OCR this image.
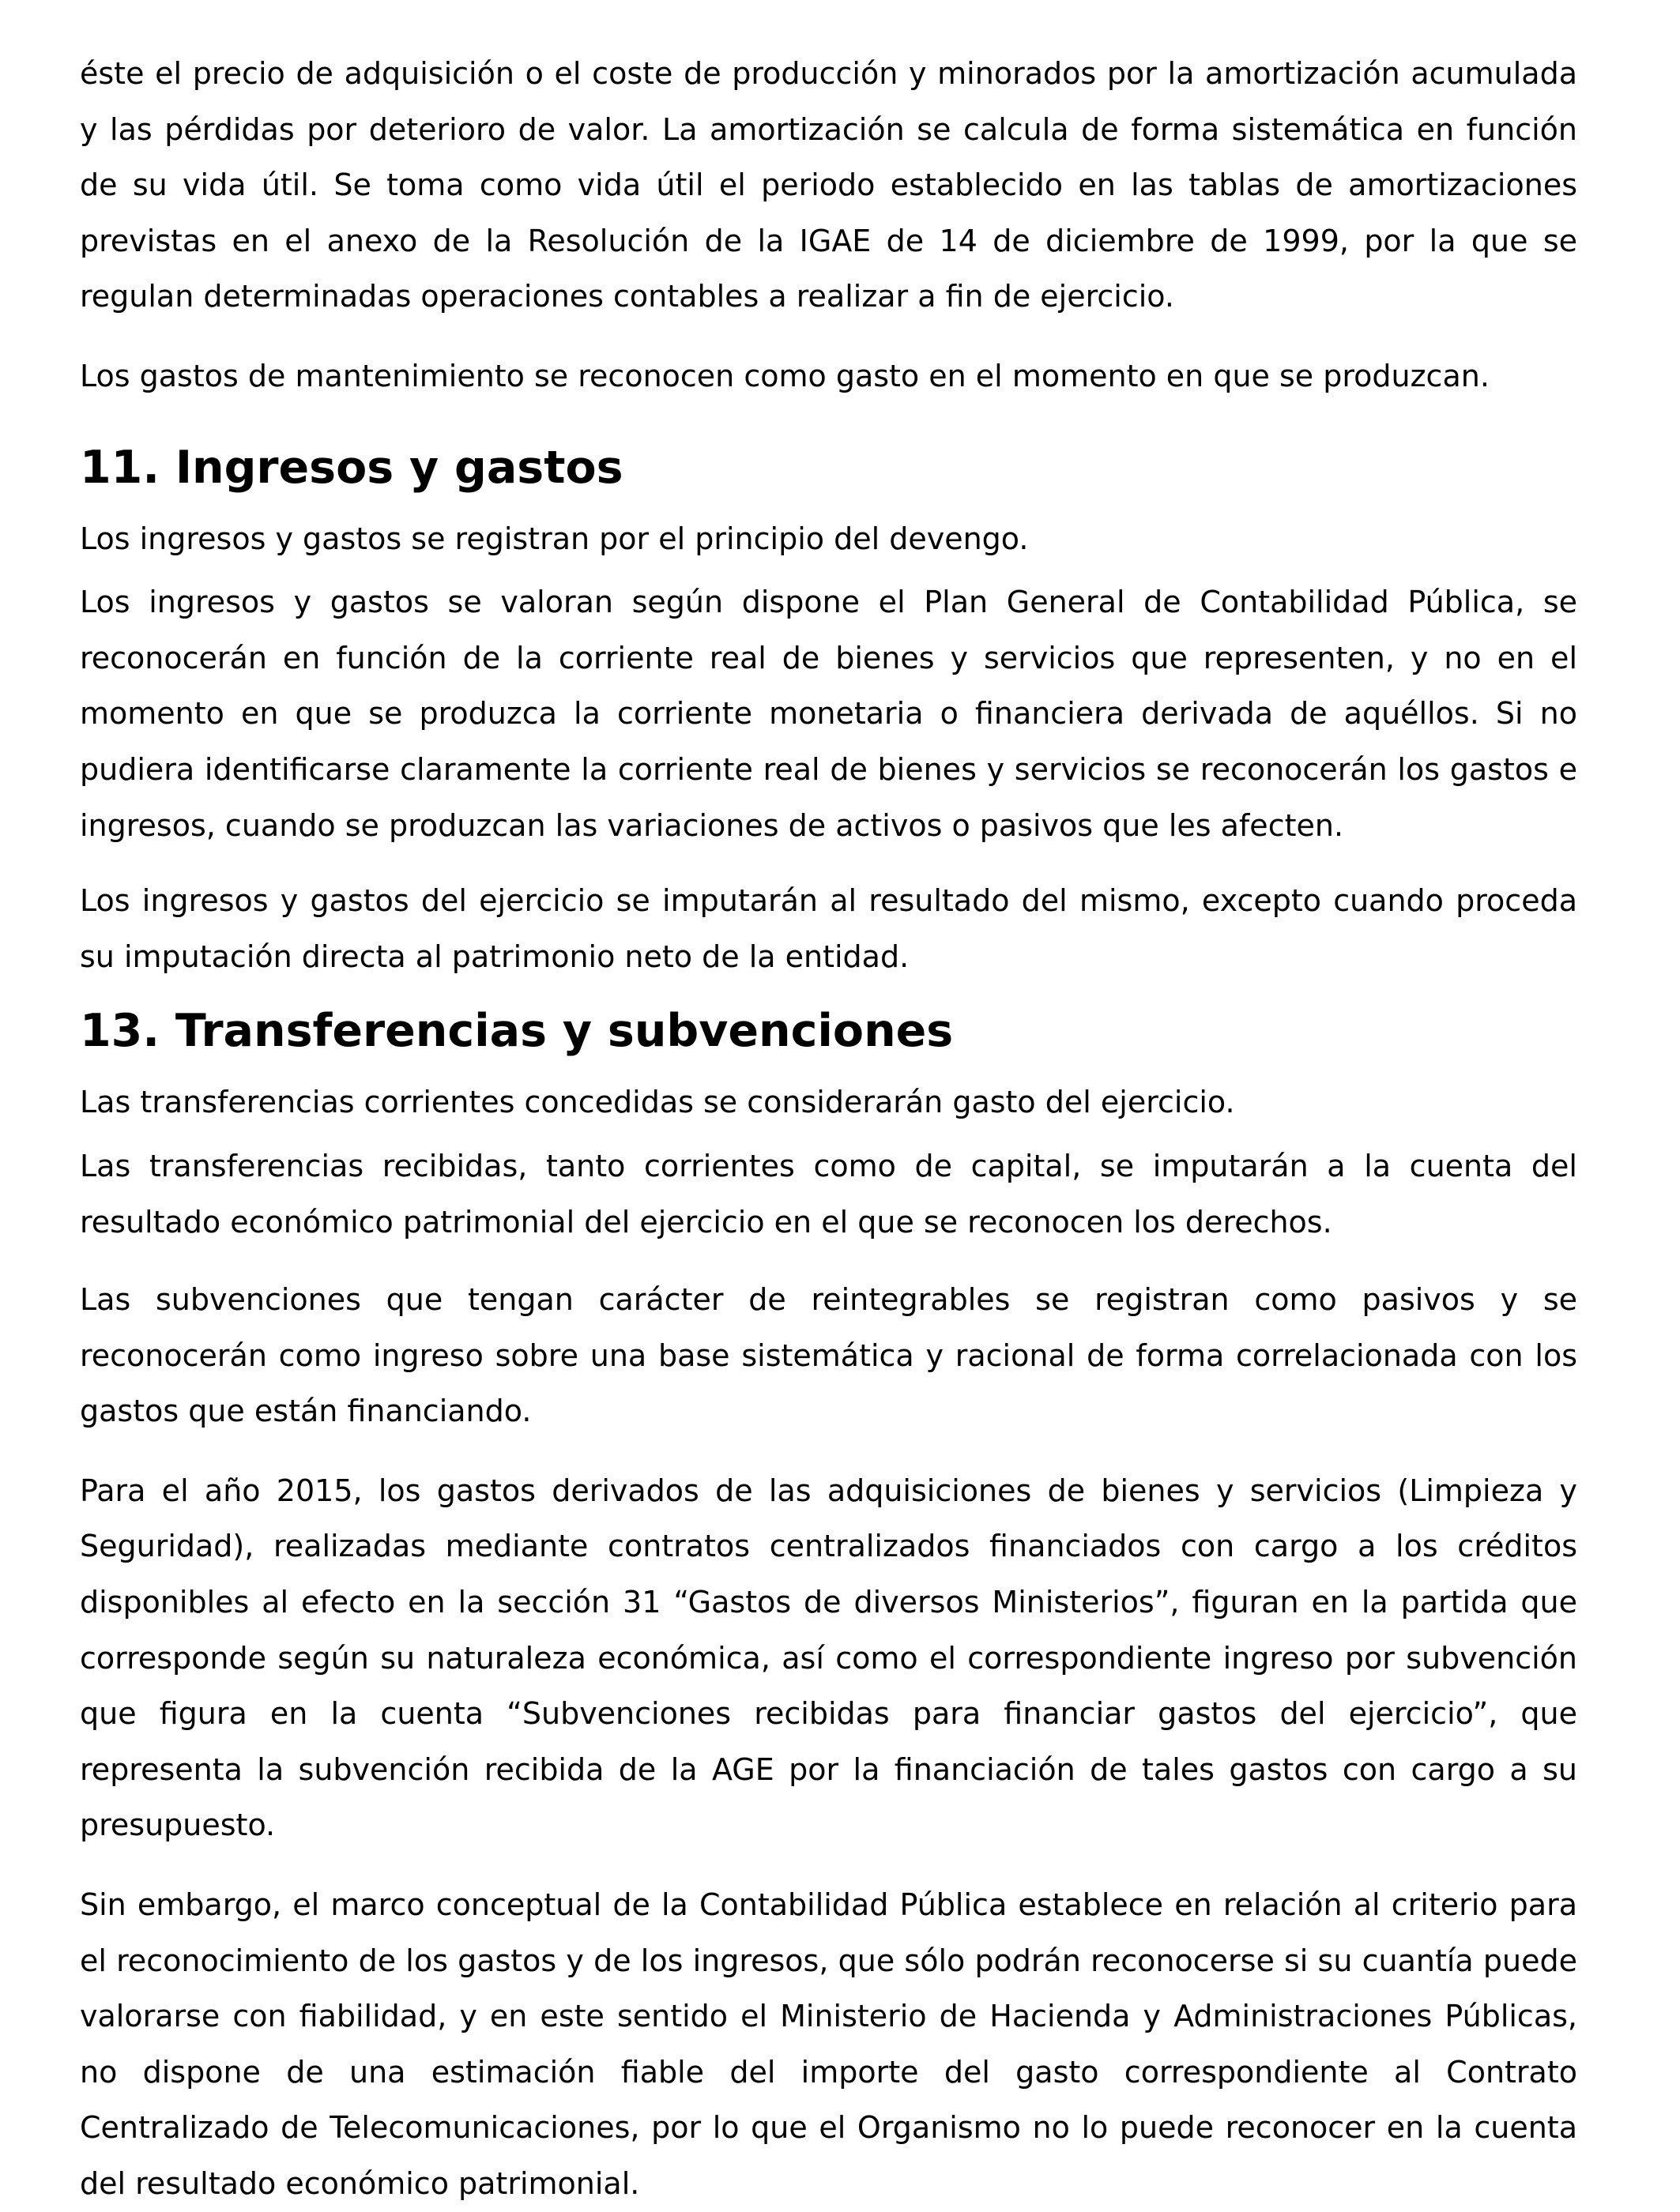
éste el precio de adquisición o el coste de producción y minorados por la amortización acumulada y las pérdidas por deterioro de valor. La amortización se calcula de forma sistemática en función de su vida útil. Se toma como vida útil el periodo establecido en las tablas de amortizaciones previstas en el anexo de la Resolución de la IGAE de 14 de diciembre de 1999, por la que se regulan determinadas operaciones contables a realizar a fin de ejercicio.

Los gastos de mantenimiento se reconocen como gasto en el momento en que se produzcan.

11. Ingresos y gastos

Los ingresos y gastos se registran por el principio del devengo.

Los ingresos y gastos se valoran según dispone el Plan General de Contabilidad Pública, se reconocerán en función de la corriente real de bienes y servicios que representen, y no en el momento en que se produzca la corriente monetaria o financiera derivada de aquéllos. Si no pudiera identificarse claramente la corriente real de bienes y servicios se reconocerán los gastos e ingresos, cuando se produzcan las variaciones de activos o pasivos que les afecten.

Los ingresos y gastos del ejercicio se imputarán al resultado del mismo, excepto cuando proceda su imputación directa al patrimonio neto de la entidad.

13. Transferencias y subvenciones

Las transferencias corrientes concedidas se considerarán gasto del ejercicio.

Las transferencias recibidas, tanto corrientes como de capital, se imputarán a la cuenta del resultado económico patrimonial del ejercicio en el que se reconocen los derechos.

Las subvenciones que tengan carácter de reintegrables se registran como pasivos y se reconocerán como ingreso sobre una base sistemática y racional de forma correlacionada con los gastos que están financiando.

Para el año 2015, los gastos derivados de las adquisiciones de bienes y servicios (Limpieza y Seguridad), realizadas mediante contratos centralizados financiados con cargo a los créditos disponibles al efecto en la sección 31 “Gastos de diversos Ministerios”, figuran en la partida que corresponde según su naturaleza económica, así como el correspondiente ingreso por subvención que figura en la cuenta “Subvenciones recibidas para financiar gastos del ejercicio”, que representa la subvención recibida de la AGE por la financiación de tales gastos con cargo a su presupuesto.

Sin embargo, el marco conceptual de la Contabilidad Pública establece en relación al criterio para el reconocimiento de los gastos y de los ingresos, que sólo podrán reconocerse si su cuantía puede valorarse con fiabilidad, y en este sentido el Ministerio de Hacienda y Administraciones Públicas, no dispone de una estimación fiable del importe del gasto correspondiente al Contrato Centralizado de Telecomunicaciones, por lo que el Organismo no lo puede reconocer en la cuenta del resultado económico patrimonial.
